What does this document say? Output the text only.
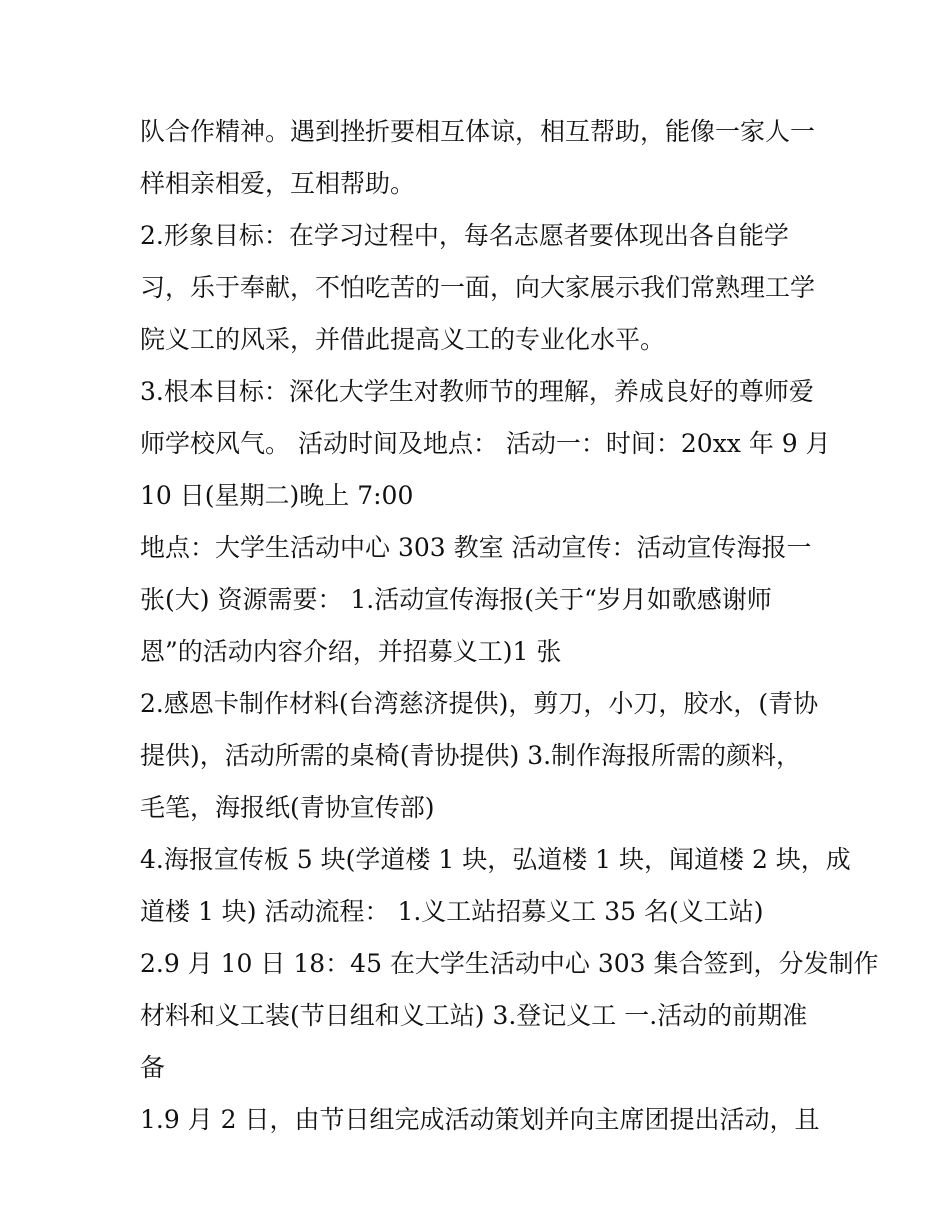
队合作精神。遇到挫折要相互体谅，相互帮助，能像一家人一
样相亲相爱，互相帮助。
2.形象目标：在学习过程中，每名志愿者要体现出各自能学
习，乐于奉献，不怕吃苦的一面，向大家展示我们常熟理工学
院义工的风采，并借此提高义工的专业化水平。
3.根本目标：深化大学生对教师节的理解，养成良好的尊师爱
师学校风气。 活动时间及地点： 活动一：时间：20xx 年 9 月
10 日(星期二)晚上 7:00
地点：大学生活动中心 303 教室 活动宣传：活动宣传海报一
张(大) 资源需要： 1.活动宣传海报(关于“岁月如歌感谢师
恩”的活动内容介绍，并招募义工)1 张
2.感恩卡制作材料(台湾慈济提供)，剪刀，小刀，胶水，(青协
提供)，活动所需的桌椅(青协提供) 3.制作海报所需的颜料，
毛笔，海报纸(青协宣传部)
4.海报宣传板 5 块(学道楼 1 块，弘道楼 1 块，闻道楼 2 块，成
道楼 1 块) 活动流程： 1.义工站招募义工 35 名(义工站)
2.9 月 10 日 18：45 在大学生活动中心 303 集合签到，分发制作
材料和义工装(节日组和义工站) 3.登记义工 一.活动的前期准
备
1.9 月 2 日，由节日组完成活动策划并向主席团提出活动，且
